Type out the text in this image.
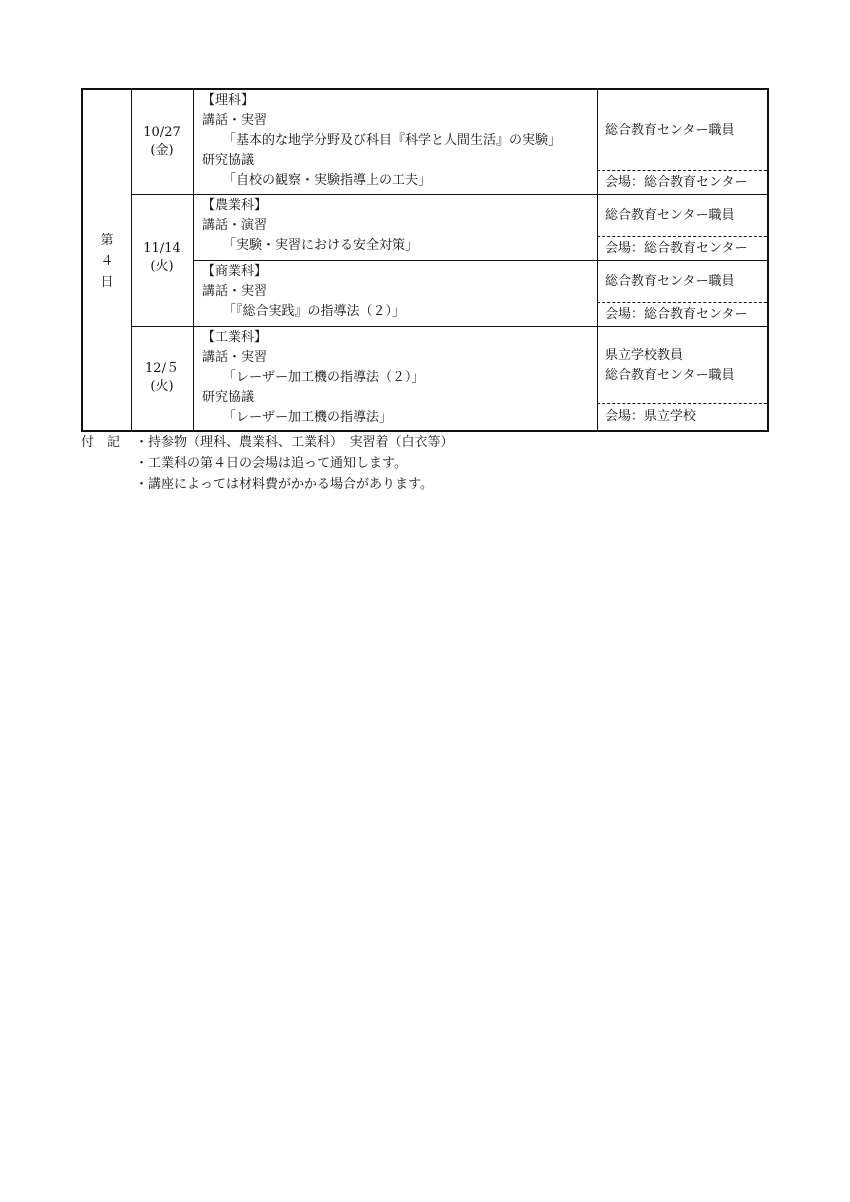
第
４
日
10/27
(金)
【理科】
講話・実習
「基本的な地学分野及び科目『科学と人間生活』の実験」
研究協議
「自校の観察・実験指導上の工夫」
総合教育センター職員
会場：総合教育センター
11/14
(火)
【農業科】
講話・演習
「実験・実習における安全対策」
総合教育センター職員
会場：総合教育センター
【商業科】
講話・実習
「『総合実践』の指導法（２）」
総合教育センター職員
会場：総合教育センター
12/５
(火)
【工業科】
講話・実習
「レーザー加工機の指導法（２）」
研究協議
「レーザー加工機の指導法」
県立学校教員
総合教育センター職員
会場：県立学校
付　記 ・持参物（理科、農業科、工業科）　実習着（白衣等）
・工業科の第４日の会場は追って通知します。
・講座によっては材料費がかかる場合があります。
